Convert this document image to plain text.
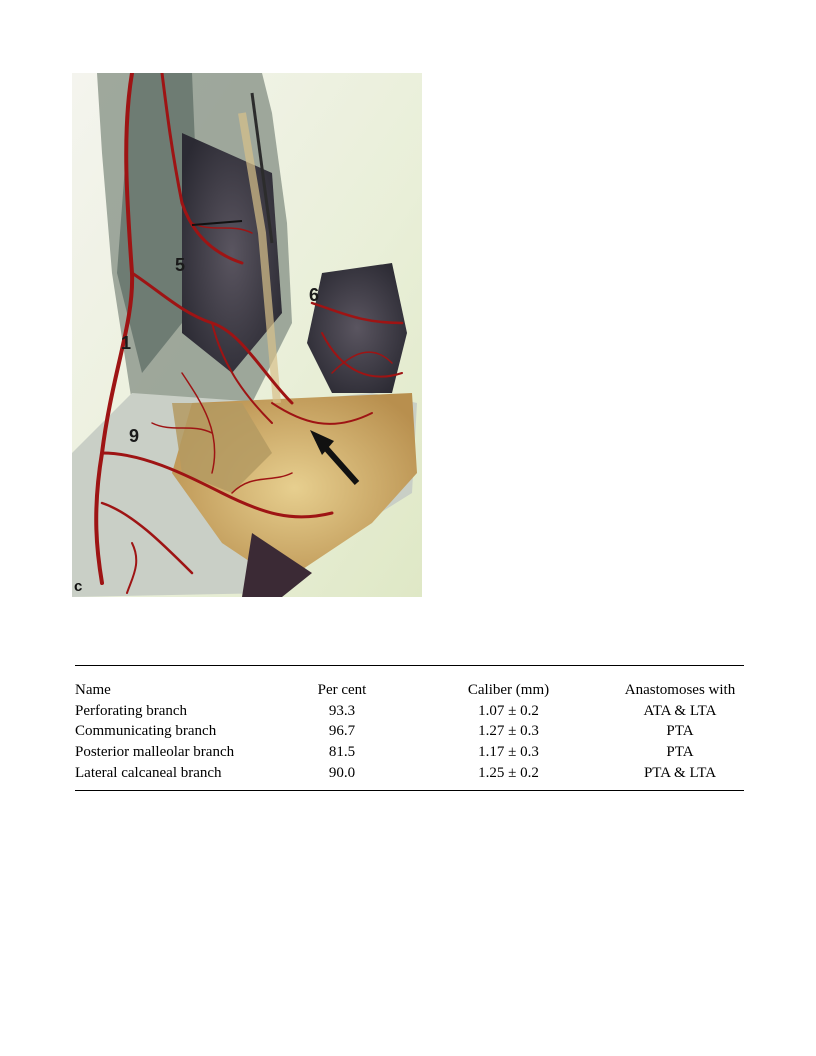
5
6
1
9
c
Name	Per cent	Caliber (mm)	Anastomoses with
Perforating branch	93.3	1.07 ± 0.2	ATA & LTA
Communicating branch	96.7	1.27 ± 0.3	PTA
Posterior malleolar branch	81.5	1.17 ± 0.3	PTA
Lateral calcaneal branch	90.0	1.25 ± 0.2	PTA & LTA
